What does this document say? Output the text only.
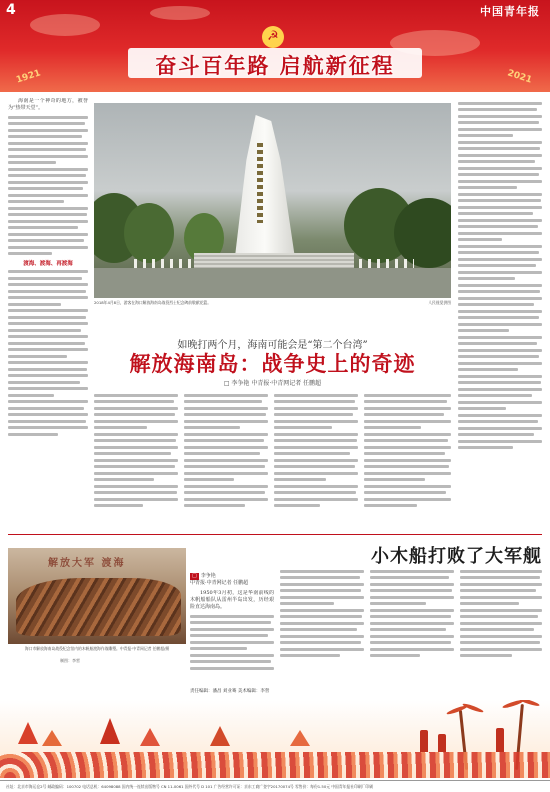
4	中国青年报
☭
奋斗百年路 启航新征程
1921	2021
海南是一个神奇的地方，被誉为“热带天堂”。
渡海、渡海、再渡海
2018年4月8日，游客在海口解放海南岛战役烈士纪念碑前敬献花篮。	人民视觉供图
如晚打两个月，海南可能会是“第二个台湾”
解放海南岛：战争史上的奇迹
□ 李争艳 中青报·中青网记者 任鹏超
解放大军 渡海
海口市解放海南岛战役纪念馆内的木帆船渡海作战雕塑。中青报·中青网记者 任鹏超/摄
小木船打败了大军舰
□ 李争艳
中青报·中青网记者 任鹏超
1950年3月初，这是华南前线的木帆船船队从雷州半岛出发，历经艰险直达海南岛。
制图：李皙
责任编辑：潘昌 刘业骞 美术编辑：李皙
社址：北京市海运仓2号 邮政编码：100702 电话总机：64098088 国内统一连续出版物号 CN 11-0061 国外代号 D 101 广告经营许可证：京东工商广登字20170074号 零售价：每份1.50元 中国青年报社印刷厂印刷
